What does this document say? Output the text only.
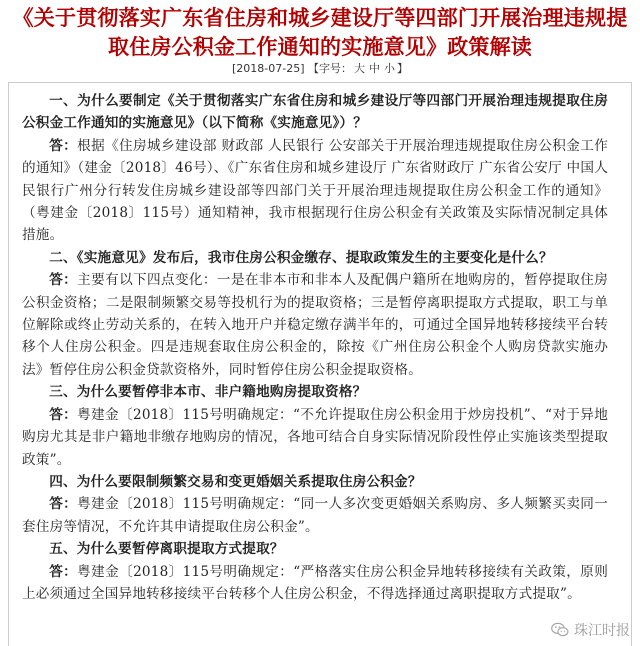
《关于贯彻落实广东省住房和城乡建设厅等四部门开展治理违规提取住房公积金工作通知的实施意见》政策解读
[2018-07-25] 【字号： 大 中 小 】

一、为什么要制定《关于贯彻落实广东省住房和城乡建设厅等四部门开展治理违规提取住房公积金工作通知的实施意见》（以下简称《实施意见》）？

答：根据《住房城乡建设部 财政部 人民银行 公安部关于开展治理违规提取住房公积金工作的通知》（建金〔2018〕46号）、《广东省住房和城乡建设厅 广东省财政厅 广东省公安厅 中国人民银行广州分行转发住房城乡建设部等四部门关于开展治理违规提取住房公积金工作的通知》（粤建金〔2018〕115号）通知精神，我市根据现行住房公积金有关政策及实际情况制定具体措施。

二、《实施意见》发布后，我市住房公积金缴存、提取政策发生的主要变化是什么？

答：主要有以下四点变化：一是在非本市和非本人及配偶户籍所在地购房的，暂停提取住房公积金资格；二是限制频繁交易等投机行为的提取资格；三是暂停离职提取方式提取，职工与单位解除或终止劳动关系的，在转入地开户并稳定缴存满半年的，可通过全国异地转移接续平台转移个人住房公积金。四是违规套取住房公积金的，除按《广州住房公积金个人购房贷款实施办法》暂停住房公积金贷款资格外，同时暂停住房公积金提取资格。

三、为什么要暂停非本市、非户籍地购房提取资格？

答：粤建金〔2018〕115号明确规定：“不允许提取住房公积金用于炒房投机”、“对于异地购房尤其是非户籍地非缴存地购房的情况，各地可结合自身实际情况阶段性停止实施该类型提取政策”。

四、为什么要限制频繁交易和变更婚姻关系提取住房公积金？

答：粤建金〔2018〕115号明确规定：“同一人多次变更婚姻关系购房、多人频繁买卖同一套住房等情况，不允许其申请提取住房公积金”。

五、为什么要暂停离职提取方式提取？

答：粤建金〔2018〕115号明确规定：“严格落实住房公积金异地转移接续有关政策，原则上必须通过全国异地转移接续平台转移个人住房公积金，不得选择通过离职提取方式提取”。

珠江时报
